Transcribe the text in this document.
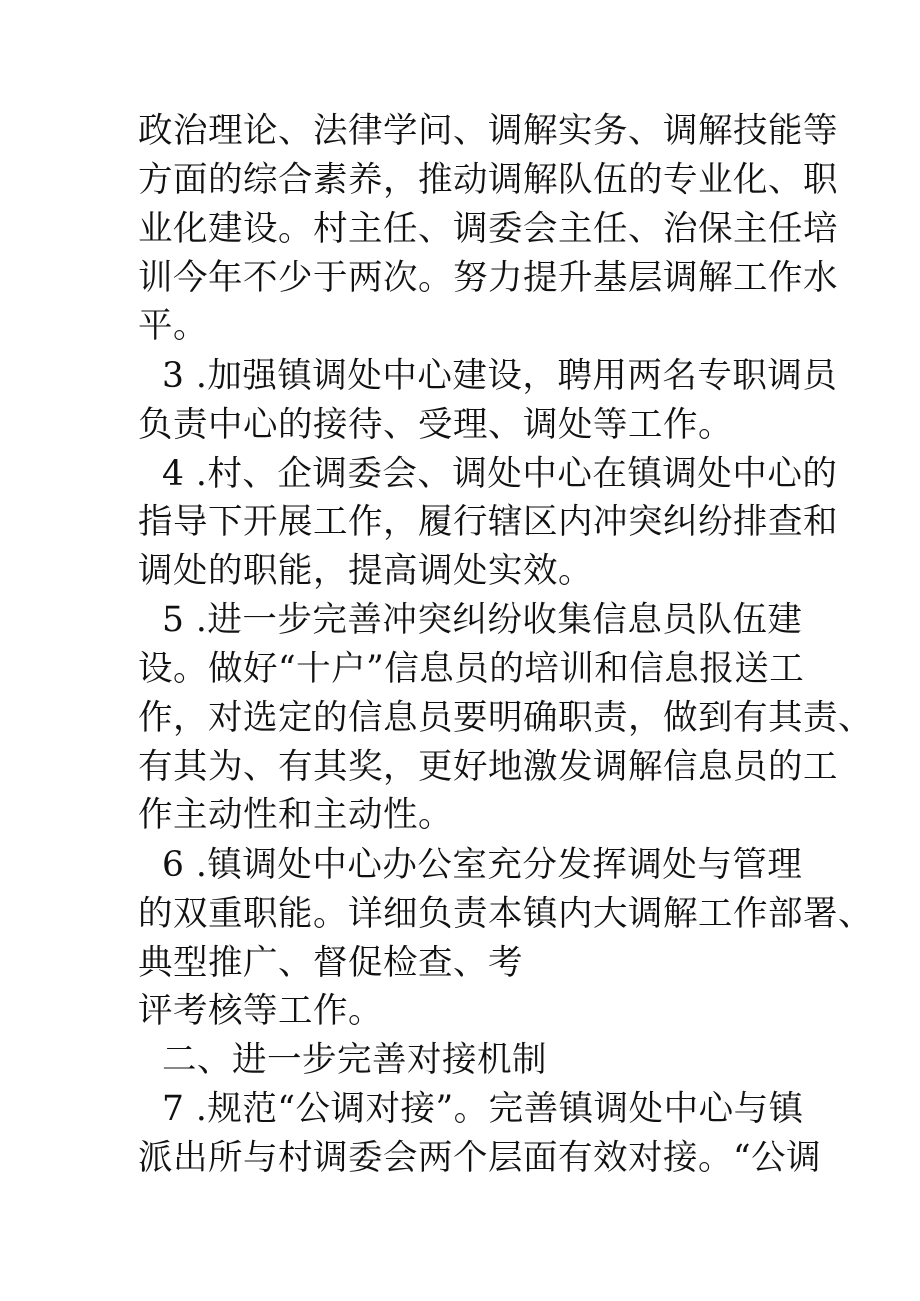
政治理论、法律学问、调解实务、调解技能等
方面的综合素养，推动调解队伍的专业化、职
业化建设。村主任、调委会主任、治保主任培
训今年不少于两次。努力提升基层调解工作水
平。
3 .加强镇调处中心建设，聘用两名专职调员
负责中心的接待、受理、调处等工作。
4 .村、企调委会、调处中心在镇调处中心的
指导下开展工作，履行辖区内冲突纠纷排查和
调处的职能，提高调处实效。
5 .进一步完善冲突纠纷收集信息员队伍建
设。做好“十户”信息员的培训和信息报送工
作，对选定的信息员要明确职责，做到有其责、
有其为、有其奖，更好地激发调解信息员的工
作主动性和主动性。
6 .镇调处中心办公室充分发挥调处与管理
的双重职能。详细负责本镇内大调解工作部署、
典型推广、督促检查、考
评考核等工作。
二、进一步完善对接机制
7 .规范“公调对接”。完善镇调处中心与镇
派出所与村调委会两个层面有效对接。“公调
